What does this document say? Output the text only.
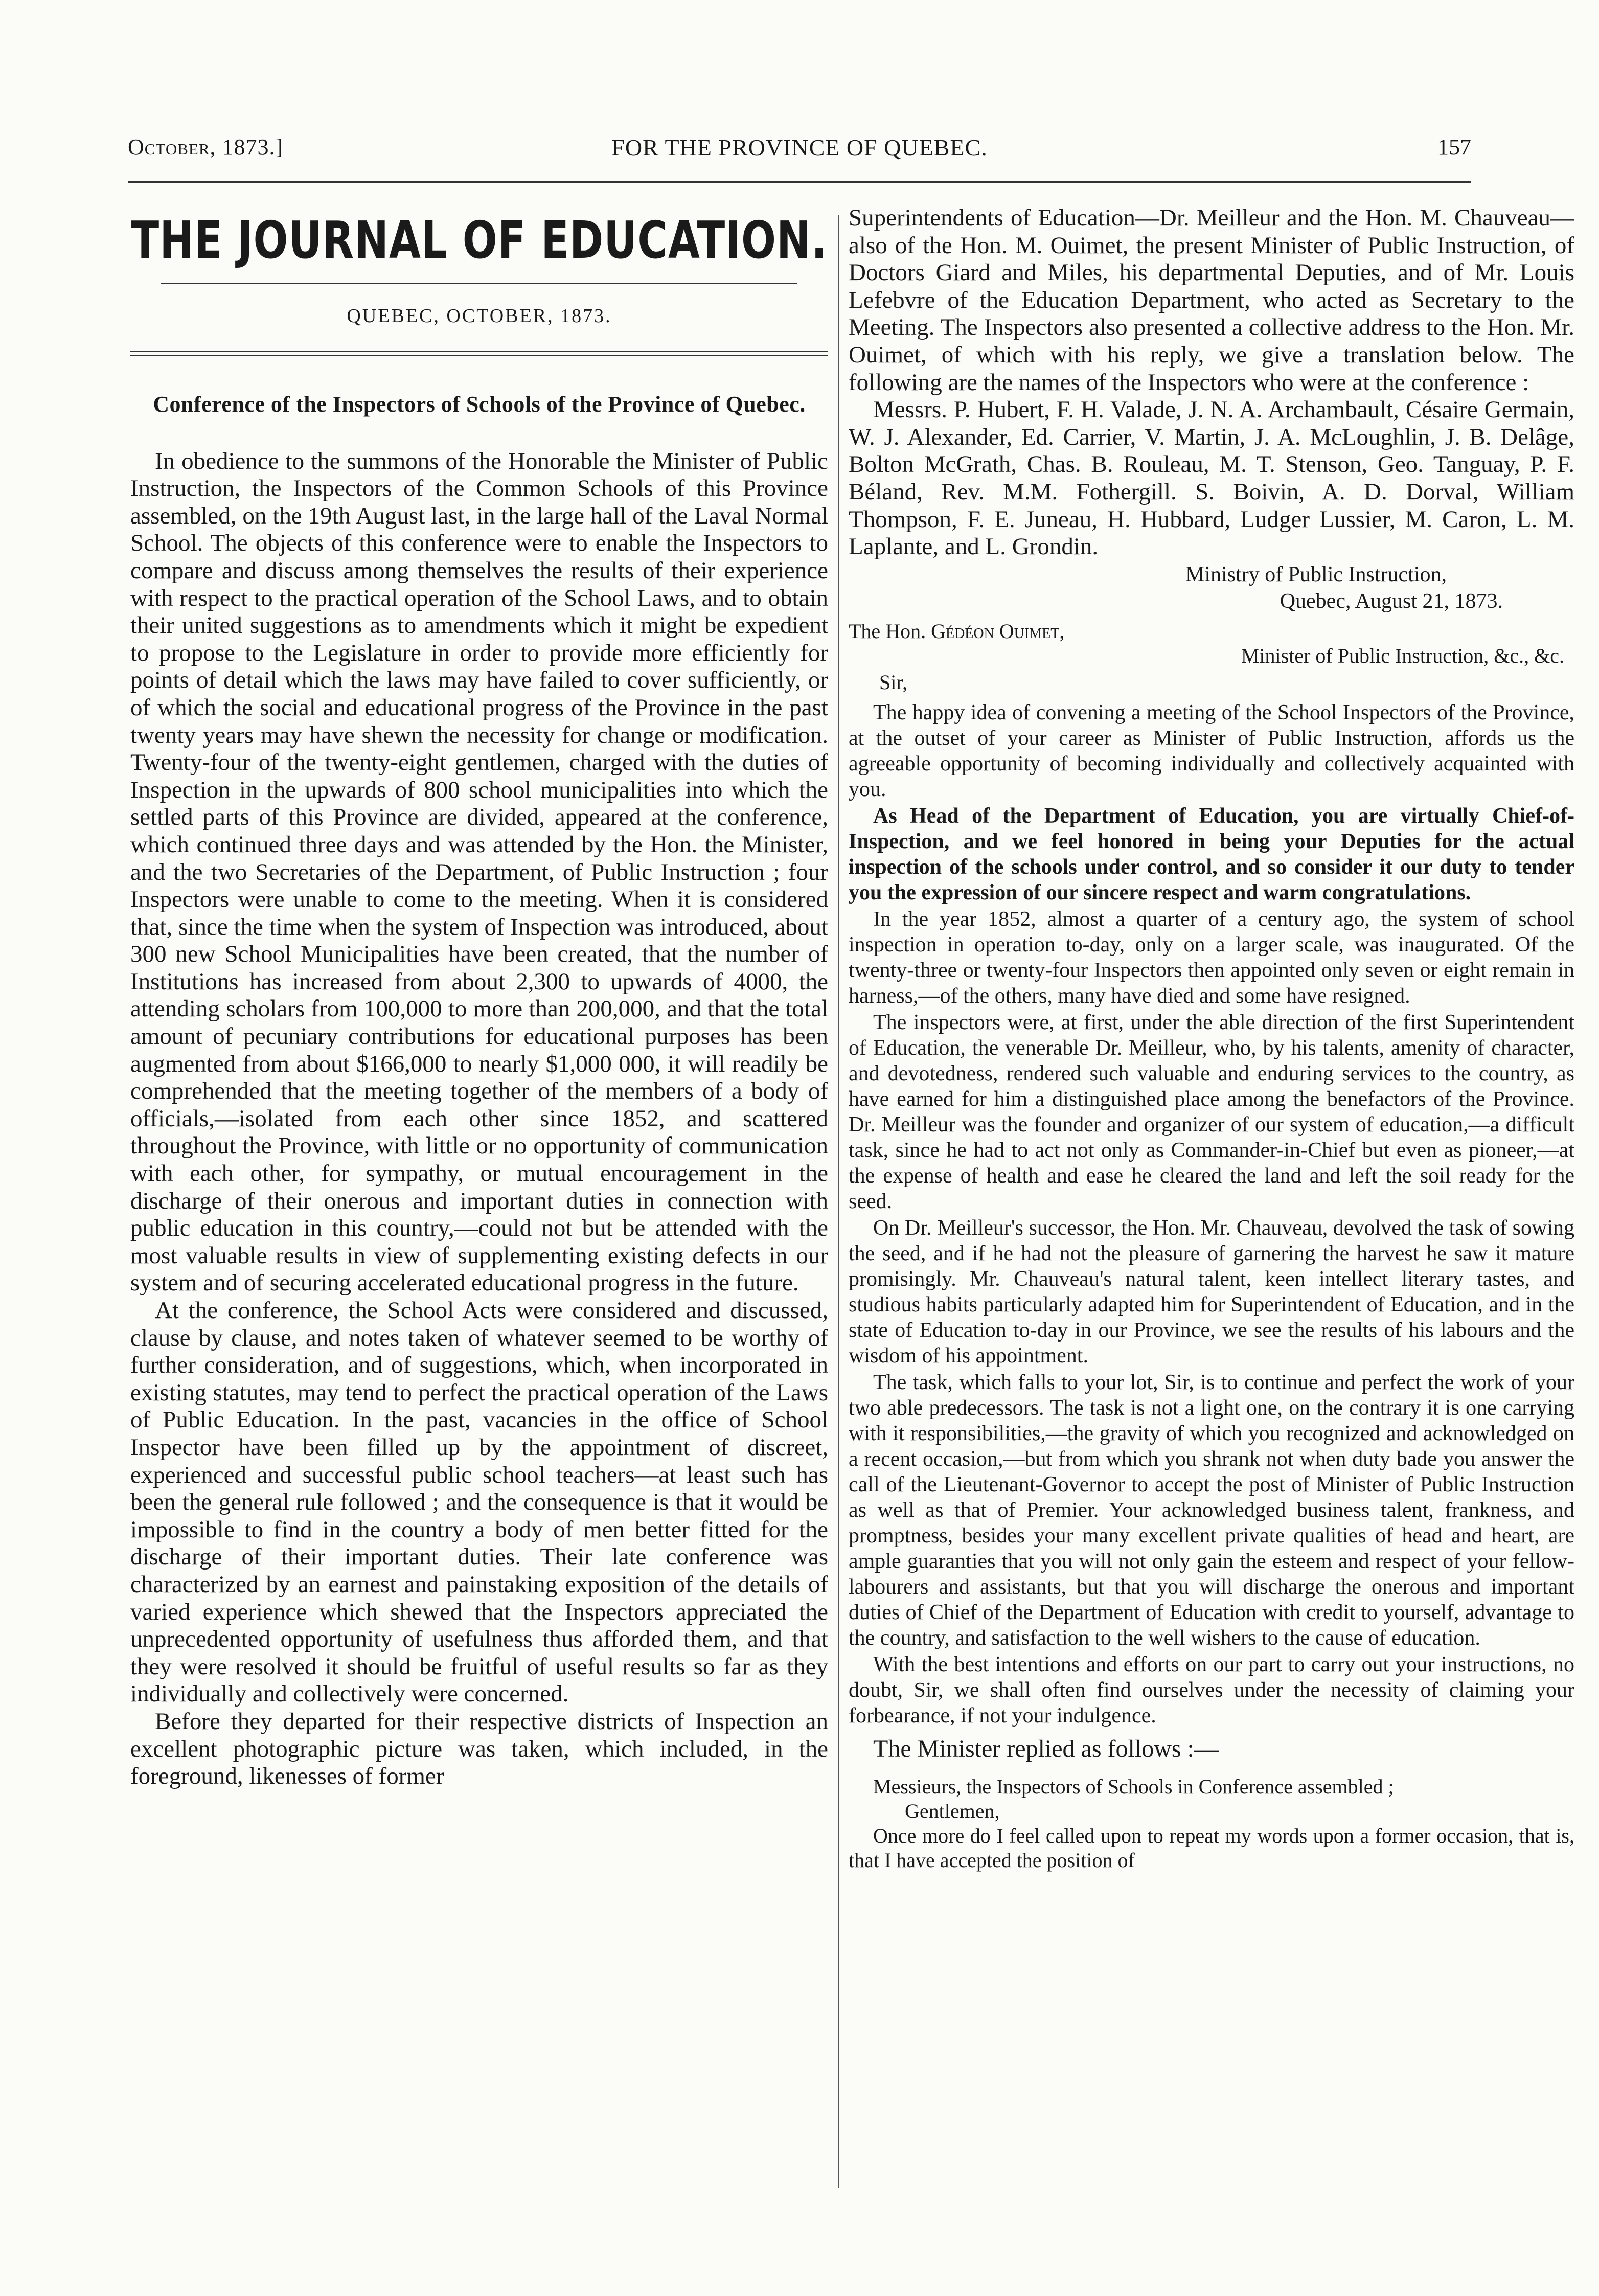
October, 1873.]	FOR THE PROVINCE OF QUEBEC.	157
THE JOURNAL OF EDUCATION.
QUEBEC, OCTOBER, 1873.
Conference of the Inspectors of Schools of the Province of Quebec.

In obedience to the summons of the Honorable the Minister of Public Instruction, the Inspectors of the Common Schools of this Province assembled, on the 19th August last, in the large hall of the Laval Normal School. The objects of this conference were to enable the Inspectors to compare and discuss among themselves the results of their experience with respect to the practical operation of the School Laws, and to obtain their united suggestions as to amendments which it might be expedient to propose to the Legislature in order to provide more efficiently for points of detail which the laws may have failed to cover sufficiently, or of which the social and educational progress of the Province in the past twenty years may have shewn the necessity for change or modification. Twenty-four of the twenty-eight gentlemen, charged with the duties of Inspection in the upwards of 800 school municipalities into which the settled parts of this Province are divided, appeared at the conference, which continued three days and was attended by the Hon. the Minister, and the two Secretaries of the Department, of Public Instruction ; four Inspectors were unable to come to the meeting. When it is considered that, since the time when the system of Inspection was introduced, about 300 new School Municipalities have been created, that the number of Institutions has increased from about 2,300 to upwards of 4000, the attending scholars from 100,000 to more than 200,000, and that the total amount of pecuniary contributions for educational purposes has been augmented from about $166,000 to nearly $1,000 000, it will readily be comprehended that the meeting together of the members of a body of officials,—isolated from each other since 1852, and scattered throughout the Province, with little or no opportunity of communication with each other, for sympathy, or mutual encouragement in the discharge of their onerous and important duties in connection with public education in this country,—could not but be attended with the most valuable results in view of supplementing existing defects in our system and of securing accelerated educational progress in the future.

At the conference, the School Acts were considered and discussed, clause by clause, and notes taken of whatever seemed to be worthy of further consideration, and of suggestions, which, when incorporated in existing statutes, may tend to perfect the practical operation of the Laws of Public Education. In the past, vacancies in the office of School Inspector have been filled up by the appointment of discreet, experienced and successful public school teachers—at least such has been the general rule followed ; and the consequence is that it would be impossible to find in the country a body of men better fitted for the discharge of their important duties. Their late conference was characterized by an earnest and painstaking exposition of the details of varied experience which shewed that the Inspectors appreciated the unprecedented opportunity of usefulness thus afforded them, and that they were resolved it should be fruitful of useful results so far as they individually and collectively were concerned.

Before they departed for their respective districts of Inspection an excellent photographic picture was taken, which included, in the foreground, likenesses of former

Superintendents of Education—Dr. Meilleur and the Hon. M. Chauveau—also of the Hon. M. Ouimet, the present Minister of Public Instruction, of Doctors Giard and Miles, his departmental Deputies, and of Mr. Louis Lefebvre of the Education Department, who acted as Secretary to the Meeting. The Inspectors also presented a collective address to the Hon. Mr. Ouimet, of which with his reply, we give a translation below. The following are the names of the Inspectors who were at the conference :

Messrs. P. Hubert, F. H. Valade, J. N. A. Archambault, Césaire Germain, W. J. Alexander, Ed. Carrier, V. Martin, J. A. McLoughlin, J. B. Delâge, Bolton McGrath, Chas. B. Rouleau, M. T. Stenson, Geo. Tanguay, P. F. Béland, Rev. M.M. Fothergill. S. Boivin, A. D. Dorval, William Thompson, F. E. Juneau, H. Hubbard, Ludger Lussier, M. Caron, L. M. Laplante, and L. Grondin.

Ministry of Public Instruction,
Quebec, August 21, 1873.
The Hon. Gédéon Ouimet,
Minister of Public Instruction, &c., &c.
Sir,

The happy idea of convening a meeting of the School Inspectors of the Province, at the outset of your career as Minister of Public Instruction, affords us the agreeable opportunity of becoming individually and collectively acquainted with you.

As Head of the Department of Education, you are virtually Chief-of-Inspection, and we feel honored in being your Deputies for the actual inspection of the schools under control, and so consider it our duty to tender you the expression of our sincere respect and warm congratulations.

In the year 1852, almost a quarter of a century ago, the system of school inspection in operation to-day, only on a larger scale, was inaugurated. Of the twenty-three or twenty-four Inspectors then appointed only seven or eight remain in harness,—of the others, many have died and some have resigned.

The inspectors were, at first, under the able direction of the first Superintendent of Education, the venerable Dr. Meilleur, who, by his talents, amenity of character, and devotedness, rendered such valuable and enduring services to the country, as have earned for him a distinguished place among the benefactors of the Province. Dr. Meilleur was the founder and organizer of our system of education,—a difficult task, since he had to act not only as Commander-in-Chief but even as pioneer,—at the expense of health and ease he cleared the land and left the soil ready for the seed.

On Dr. Meilleur's successor, the Hon. Mr. Chauveau, devolved the task of sowing the seed, and if he had not the pleasure of garnering the harvest he saw it mature promisingly. Mr. Chauveau's natural talent, keen intellect literary tastes, and studious habits particularly adapted him for Superintendent of Education, and in the state of Education to-day in our Province, we see the results of his labours and the wisdom of his appointment.

The task, which falls to your lot, Sir, is to continue and perfect the work of your two able predecessors. The task is not a light one, on the contrary it is one carrying with it responsibilities,—the gravity of which you recognized and acknowledged on a recent occasion,—but from which you shrank not when duty bade you answer the call of the Lieutenant-Governor to accept the post of Minister of Public Instruction as well as that of Premier. Your acknowledged business talent, frankness, and promptness, besides your many excellent private qualities of head and heart, are ample guaranties that you will not only gain the esteem and respect of your fellow-labourers and assistants, but that you will discharge the onerous and important duties of Chief of the Department of Education with credit to yourself, advantage to the country, and satisfaction to the well wishers to the cause of education.

With the best intentions and efforts on our part to carry out your instructions, no doubt, Sir, we shall often find ourselves under the necessity of claiming your forbearance, if not your indulgence.

The Minister replied as follows :—
Messieurs, the Inspectors of Schools in Conference assembled ;
Gentlemen,

Once more do I feel called upon to repeat my words upon a former occasion, that is, that I have accepted the position of
